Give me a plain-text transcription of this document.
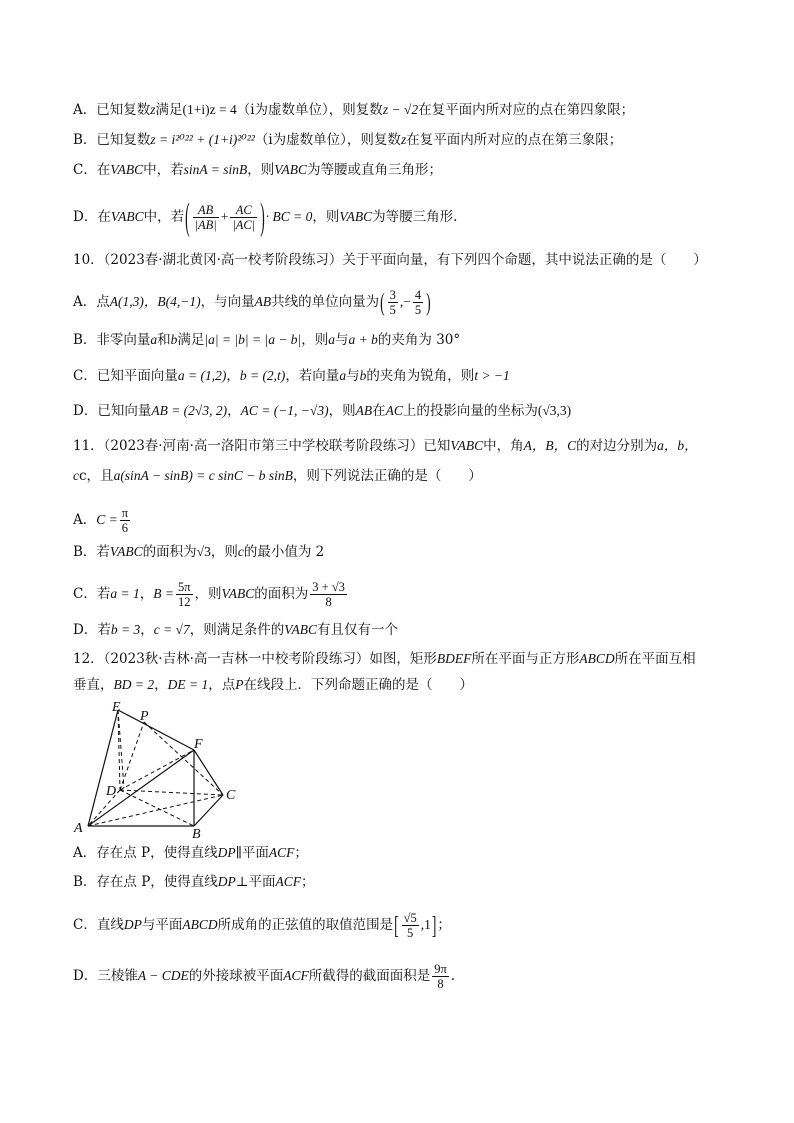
A．已知复数z满足(1+i)z = 4（i为虚数单位），则复数z − √2在复平面内所对应的点在第四象限；
B．已知复数z = i²⁰²² + (1+i)²⁰²²（i为虚数单位），则复数z在复平面内所对应的点在第三象限；
C．在VABC中，若sinA = sinB，则VABC为等腰或直角三角形；
D．在VABC中，若( $\frac{AB}{|AB|} + \frac{AC}{|AC|}$ )· BC = 0，则VABC为等腰三角形.
10．（2023春·湖北黄冈·高一校考阶段练习）关于平面向量，有下列四个命题，其中说法正确的是（　　）
A．点A(1,3)，B(4,−1)，与向量AB共线的单位向量为( $\frac{3}{5}$ ,− $\frac{4}{5}$ )
B．非零向量a和b满足|a| = |b| = |a − b|，则a与a + b的夹角为 30°
C．已知平面向量a = (1,2)，b = (2,t)，若向量a与b的夹角为锐角，则t > −1
D．已知向量AB = (2√3, 2)，AC = (−1, −√3)，则AB在AC上的投影向量的坐标为(√3,3)
11．（2023春·河南·高一洛阳市第三中学校联考阶段练习）已知VABC中，角A，B，C的对边分别为a，b，
cc，且a(sinA − sinB) = c sinC − b sinB，则下列说法正确的是（　　）
A．$C = \frac{\pi}{6}$
B．若VABC的面积为√3，则c的最小值为 2
C．若a = 1，$B = \frac{5\pi}{12}$ ，则VABC的面积为 $\frac{3 + √3}{8}$
D．若b = 3，c = √7，则满足条件的VABC有且仅有一个
12．（2023秋·吉林·高一吉林一中校考阶段练习）如图，矩形BDEF所在平面与正方形ABCD所在平面互相
垂直，BD = 2，DE = 1，点P在线段上．下列命题正确的是（　　）
E
P
F
D	C
A	B
A．存在点 P，使得直线DP∥平面ACF；
B．存在点 P，使得直线DP⊥平面ACF；
C．直线DP与平面ABCD所成角的正弦值的取值范围是[ $\frac{√5}{5} ,1$]；
D．三棱锥A − CDE的外接球被平面ACF所截得的截面面积是 $\frac{9\pi}{8}$ .
